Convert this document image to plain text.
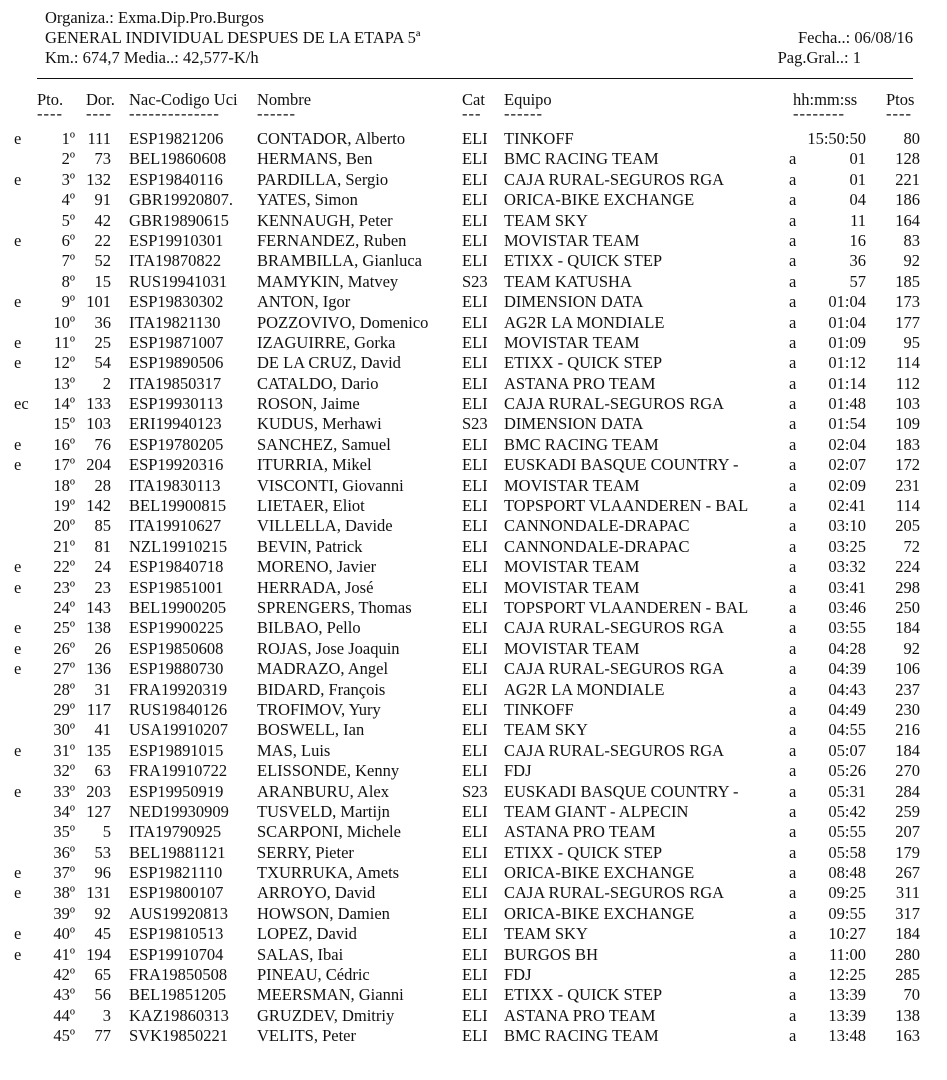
Organiza.: Exma.Dip.Pro.Burgos
GENERAL INDIVIDUAL DESPUES DE LA ETAPA 5ª
Km.: 674,7 Media..: 42,577-K/h
Fecha..: 06/08/16
Pag.Gral..: 1
Pto. Dor. Nac-Codigo Uci Nombre	Cat Equipo	hh:mm:ss Ptos
---- ---- -------------- ------	--- ------	-------- ----
e 1º 111 ESP19821206 CONTADOR, Alberto	ELI TINKOFF	15:50:50 80
2º 73 BEL19860608 HERMANS, Ben	ELI BMC RACING TEAM	a	01 128
e 3º 132 ESP19840116 PARDILLA, Sergio	ELI CAJA RURAL-SEGUROS RGA	a	01 221
4º 91 GBR19920807. YATES, Simon	ELI ORICA-BIKE EXCHANGE	a	04 186
5º 42 GBR19890615 KENNAUGH, Peter	ELI TEAM SKY	a	11 164
e 6º 22 ESP19910301 FERNANDEZ, Ruben	ELI MOVISTAR TEAM	a	16 83
7º 52 ITA19870822 BRAMBILLA, Gianluca ELI ETIXX - QUICK STEP	a	36 92
8º 15 RUS19941031 MAMYKIN, Matvey	S23 TEAM KATUSHA	a	57 185
e 9º 101 ESP19830302 ANTON, Igor	ELI DIMENSION DATA	a 01:04 173
10º 36 ITA19821130 POZZOVIVO, Domenico ELI AG2R LA MONDIALE	a 01:04 177
e 11º 25 ESP19871007 IZAGUIRRE, Gorka	ELI MOVISTAR TEAM	a 01:09 95
e 12º 54 ESP19890506 DE LA CRUZ, David	ELI ETIXX - QUICK STEP	a 01:12 114
13º 2 ITA19850317 CATALDO, Dario	ELI ASTANA PRO TEAM	a 01:14 112
ec 14º 133 ESP19930113 ROSON, Jaime	ELI CAJA RURAL-SEGUROS RGA	a 01:48 103
15º 103 ERI19940123 KUDUS, Merhawi	S23 DIMENSION DATA	a 01:54 109
e 16º 76 ESP19780205 SANCHEZ, Samuel	ELI BMC RACING TEAM	a 02:04 183
e 17º 204 ESP19920316 ITURRIA, Mikel	ELI EUSKADI BASQUE COUNTRY -	a 02:07 172
18º 28 ITA19830113 VISCONTI, Giovanni	ELI MOVISTAR TEAM	a 02:09 231
19º 142 BEL19900815 LIETAER, Eliot	ELI TOPSPORT VLAANDEREN - BAL a 02:41 114
20º 85 ITA19910627 VILLELLA, Davide	ELI CANNONDALE-DRAPAC	a 03:10 205
21º 81 NZL19910215 BEVIN, Patrick	ELI CANNONDALE-DRAPAC	a 03:25 72
e 22º 24 ESP19840718 MORENO, Javier	ELI MOVISTAR TEAM	a 03:32 224
e 23º 23 ESP19851001 HERRADA, José	ELI MOVISTAR TEAM	a 03:41 298
24º 143 BEL19900205 SPRENGERS, Thomas	ELI TOPSPORT VLAANDEREN - BAL a 03:46 250
e 25º 138 ESP19900225 BILBAO, Pello	ELI CAJA RURAL-SEGUROS RGA	a 03:55 184
e 26º 26 ESP19850608 ROJAS, Jose Joaquin	ELI MOVISTAR TEAM	a 04:28 92
e 27º 136 ESP19880730 MADRAZO, Angel	ELI CAJA RURAL-SEGUROS RGA	a 04:39 106
28º 31 FRA19920319 BIDARD, François	ELI AG2R LA MONDIALE	a 04:43 237
29º 117 RUS19840126 TROFIMOV, Yury	ELI TINKOFF	a 04:49 230
30º 41 USA19910207 BOSWELL, Ian	ELI TEAM SKY	a 04:55 216
e 31º 135 ESP19891015 MAS, Luis	ELI CAJA RURAL-SEGUROS RGA	a 05:07 184
32º 63 FRA19910722 ELISSONDE, Kenny	ELI FDJ	a 05:26 270
e 33º 203 ESP19950919 ARANBURU, Alex	S23 EUSKADI BASQUE COUNTRY -	a 05:31 284
34º 127 NED19930909 TUSVELD, Martijn	ELI TEAM GIANT - ALPECIN	a 05:42 259
35º 5 ITA19790925 SCARPONI, Michele	ELI ASTANA PRO TEAM	a 05:55 207
36º 53 BEL19881121 SERRY, Pieter	ELI ETIXX - QUICK STEP	a 05:58 179
e 37º 96 ESP19821110 TXURRUKA, Amets	ELI ORICA-BIKE EXCHANGE	a 08:48 267
e 38º 131 ESP19800107 ARROYO, David	ELI CAJA RURAL-SEGUROS RGA	a 09:25 311
39º 92 AUS19920813 HOWSON, Damien	ELI ORICA-BIKE EXCHANGE	a 09:55 317
e 40º 45 ESP19810513 LOPEZ, David	ELI TEAM SKY	a 10:27 184
e 41º 194 ESP19910704 SALAS, Ibai	ELI BURGOS BH	a 11:00 280
42º 65 FRA19850508 PINEAU, Cédric	ELI FDJ	a 12:25 285
43º 56 BEL19851205 MEERSMAN, Gianni	ELI ETIXX - QUICK STEP	a 13:39 70
44º 3 KAZ19860313 GRUZDEV, Dmitriy	ELI ASTANA PRO TEAM	a 13:39 138
45º 77 SVK19850221 VELITS, Peter	ELI BMC RACING TEAM	a 13:48 163
